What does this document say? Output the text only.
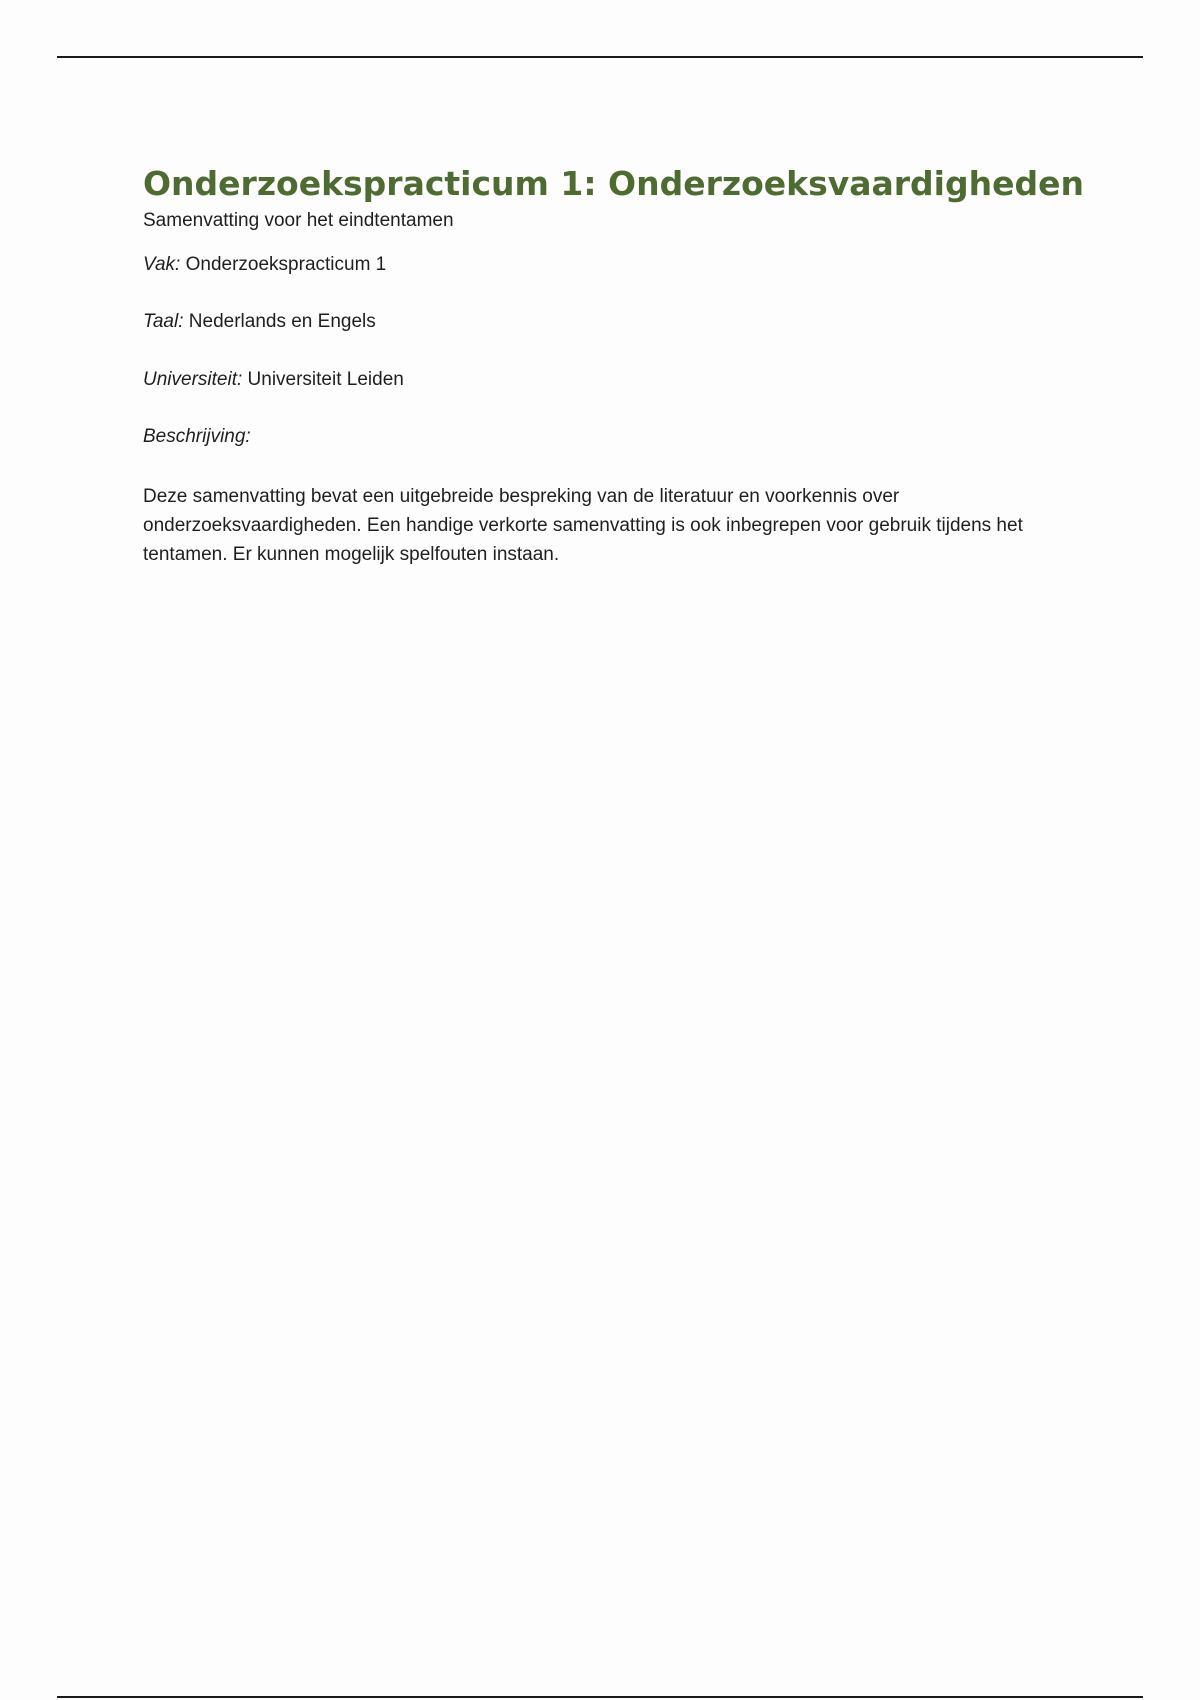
Onderzoekspracticum 1: Onderzoeksvaardigheden

Samenvatting voor het eindtentamen

Vak: Onderzoekspracticum 1

Taal: Nederlands en Engels

Universiteit: Universiteit Leiden

Beschrijving:

Deze samenvatting bevat een uitgebreide bespreking van de literatuur en voorkennis over onderzoeksvaardigheden. Een handige verkorte samenvatting is ook inbegrepen voor gebruik tijdens het tentamen. Er kunnen mogelijk spelfouten instaan.
